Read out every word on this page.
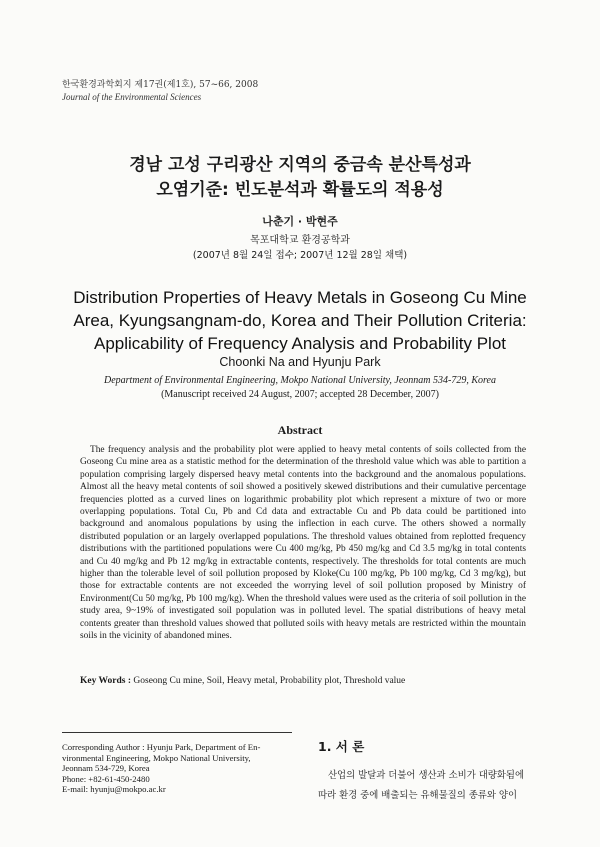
한국환경과학회지 제17권(제1호), 57~66, 2008
Journal of the Environmental Sciences
경남 고성 구리광산 지역의 중금속 분산특성과
오염기준: 빈도분석과 확률도의 적용성
나춘기 · 박현주
목포대학교 환경공학과
(2007년 8월 24일 접수; 2007년 12월 28일 채택)
Distribution Properties of Heavy Metals in Goseong Cu Mine
Area, Kyungsangnam-do, Korea and Their Pollution Criteria:
Applicability of Frequency Analysis and Probability Plot
Choonki Na and Hyunju Park
Department of Environmental Engineering, Mokpo National University, Jeonnam 534-729, Korea
(Manuscript received 24 August, 2007; accepted 28 December, 2007)
Abstract

The frequency analysis and the probability plot were applied to heavy metal contents of soils collected from the Goseong Cu mine area as a statistic method for the determination of the threshold value which was able to partition a population comprising largely dispersed heavy metal contents into the background and the anomalous populations. Almost all the heavy metal contents of soil showed a positively skewed distributions and their cumulative percentage frequencies plotted as a curved lines on logarithmic probability plot which represent a mixture of two or more overlapping populations. Total Cu, Pb and Cd data and extractable Cu and Pb data could be partitioned into background and anomalous populations by using the inflection in each curve. The others showed a normally distributed population or an largely overlapped populations. The threshold values obtained from replotted frequency distributions with the partitioned populations were Cu 400 mg/kg, Pb 450 mg/kg and Cd 3.5 mg/kg in total contents and Cu 40 mg/kg and Pb 12 mg/kg in extractable contents, respectively. The thresholds for total contents are much higher than the tolerable level of soil pollution proposed by Kloke(Cu 100 mg/kg, Pb 100 mg/kg, Cd 3 mg/kg), but those for extractable contents are not exceeded the worrying level of soil pollution proposed by Ministry of Environment(Cu 50 mg/kg, Pb 100 mg/kg). When the threshold values were used as the criteria of soil pollution in the study area, 9~19% of investigated soil population was in polluted level. The spatial distributions of heavy metal contents greater than threshold values showed that polluted soils with heavy metals are restricted within the mountain soils in the vicinity of abandoned mines.

Key Words : Goseong Cu mine, Soil, Heavy metal, Probability plot, Threshold value
Corresponding Author : Hyunju Park, Department of En-
vironmental Engineering, Mokpo National University,
Jeonnam 534-729, Korea
Phone: +82-61-450-2480
E-mail: hyunju@mokpo.ac.kr
1. 서 론
산업의 발달과 더불어 생산과 소비가 대량화됨에
따라 환경 중에 배출되는 유해물질의 종류와 양이
